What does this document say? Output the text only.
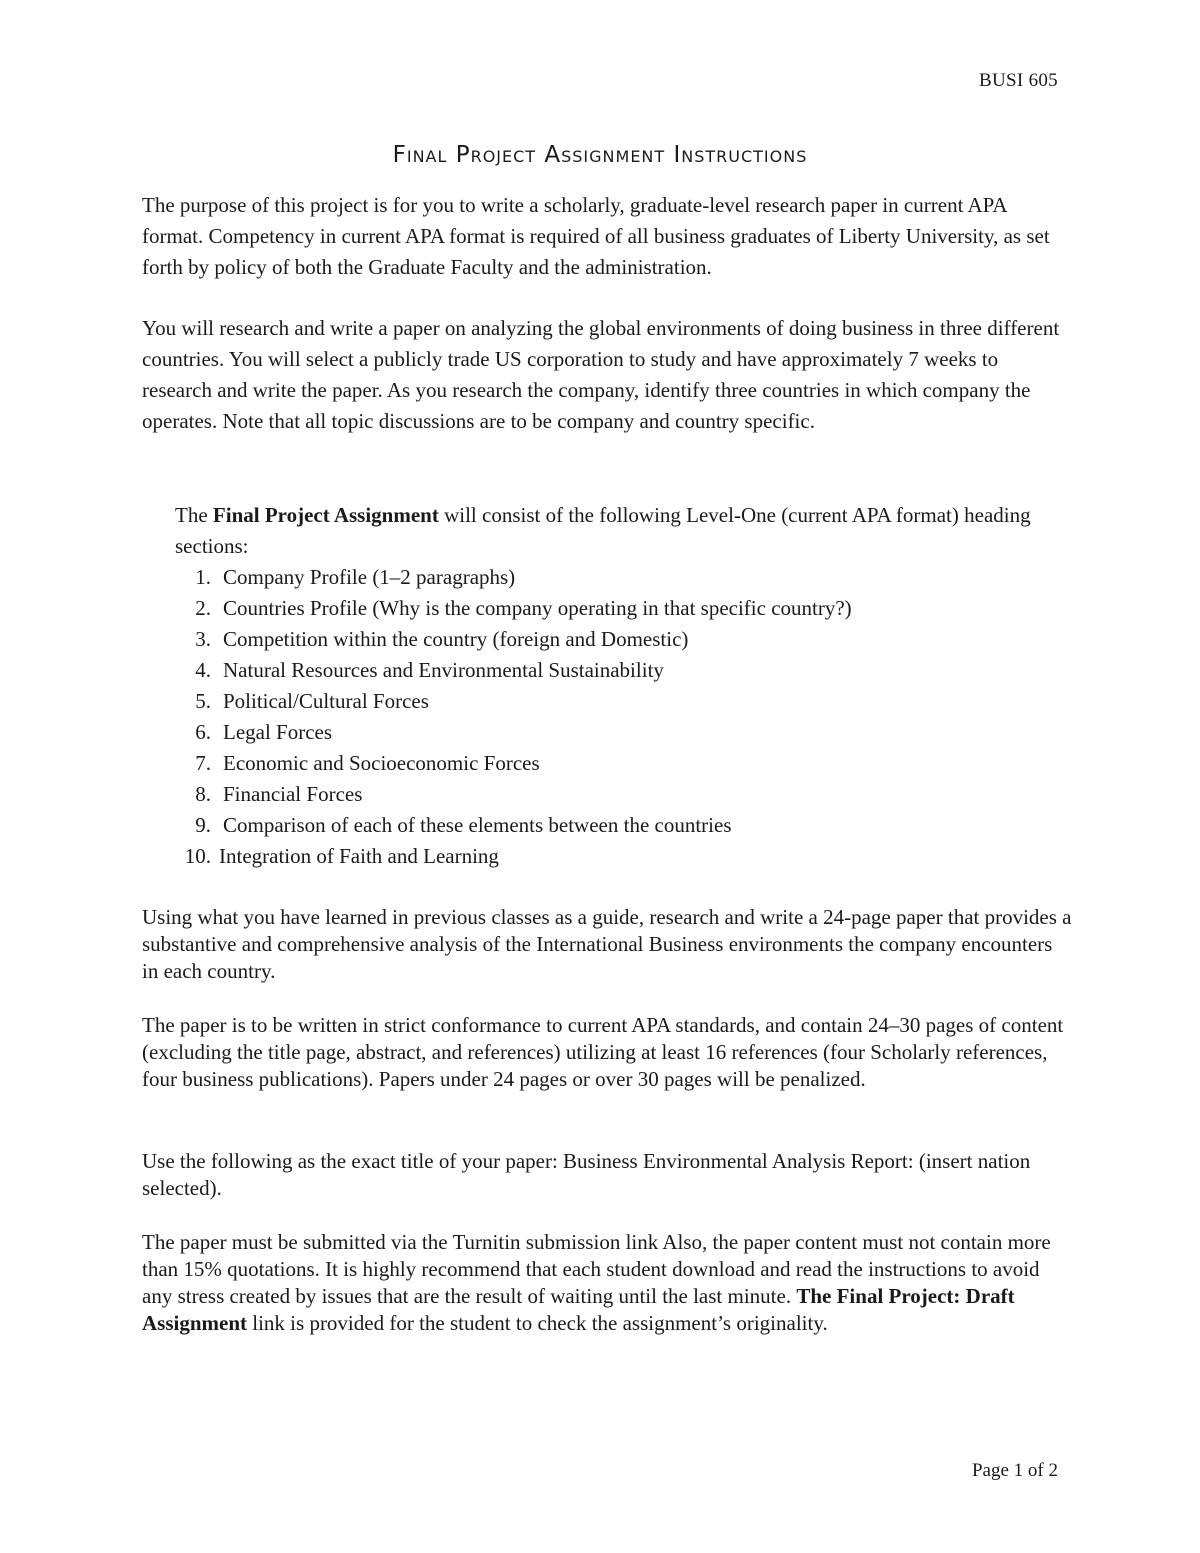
BUSI 605
Final Project Assignment Instructions

The purpose of this project is for you to write a scholarly, graduate-level research paper in current APA format. Competency in current APA format is required of all business graduates of Liberty University, as set forth by policy of both the Graduate Faculty and the administration.

You will research and write a paper on analyzing the global environments of doing business in three different countries. You will select a publicly trade US corporation to study and have approximately 7 weeks to research and write the paper. As you research the company, identify three countries in which company the operates. Note that all topic discussions are to be company and country specific.

The Final Project Assignment will consist of the following Level-One (current APA format) heading sections:

1. Company Profile (1–2 paragraphs)
2. Countries Profile (Why is the company operating in that specific country?)
3. Competition within the country (foreign and Domestic)
4. Natural Resources and Environmental Sustainability
5. Political/Cultural Forces
6. Legal Forces
7. Economic and Socioeconomic Forces
8. Financial Forces
9. Comparison of each of these elements between the countries
10. Integration of Faith and Learning

Using what you have learned in previous classes as a guide, research and write a 24-page paper that provides a substantive and comprehensive analysis of the International Business environments the company encounters in each country.

The paper is to be written in strict conformance to current APA standards, and contain 24–30 pages of content (excluding the title page, abstract, and references) utilizing at least 16 references (four Scholarly references, four business publications). Papers under 24 pages or over 30 pages will be penalized.

Use the following as the exact title of your paper: Business Environmental Analysis Report: (insert nation selected).

The paper must be submitted via the Turnitin submission link Also, the paper content must not contain more than 15% quotations. It is highly recommend that each student download and read the instructions to avoid any stress created by issues that are the result of waiting until the last minute. The Final Project: Draft Assignment link is provided for the student to check the assignment’s originality.

Page 1 of 2
